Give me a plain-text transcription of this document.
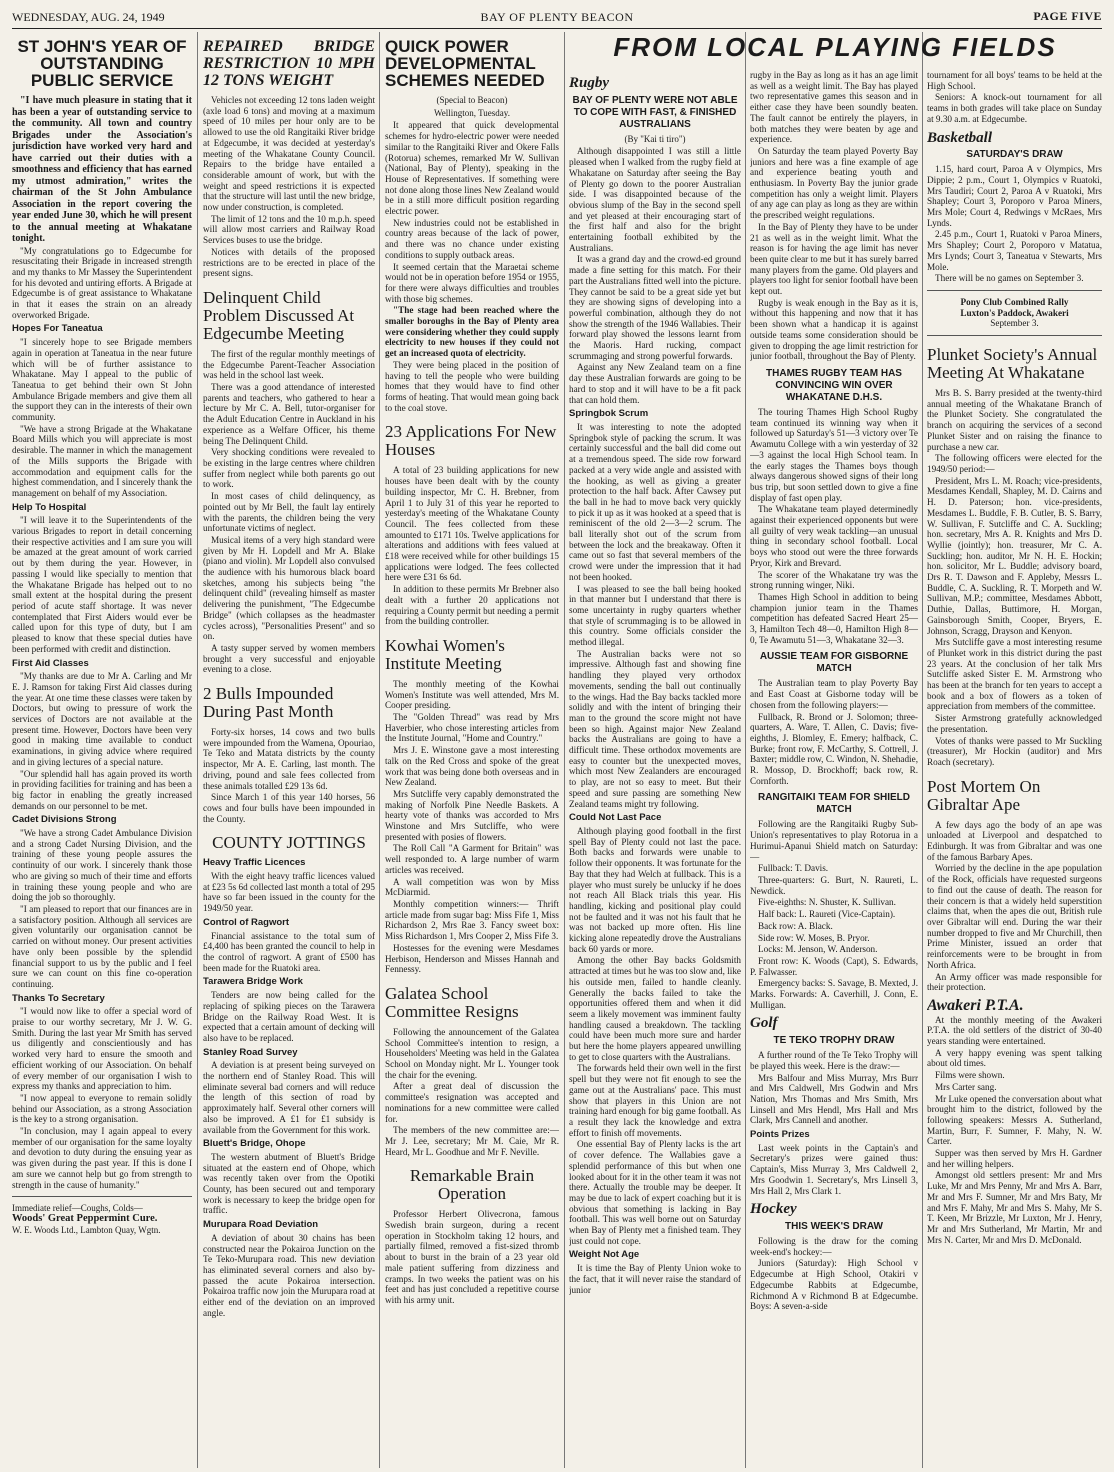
WEDNESDAY, AUG. 24, 1949	BAY OF PLENTY BEACON	PAGE FIVE
FROM LOCAL PLAYING FIELDS
ST JOHN'S YEAR OF OUTSTANDING PUBLIC SERVICE

"I have much pleasure in stating that it has been a year of outstanding service to the community. All town and country Brigades under the Association's jurisdiction have worked very hard and have carried out their duties with a smoothness and efficiency that has earned my utmost admiration," writes the chairman of the St John Ambulance Association in the report covering the year ended June 30, which he will present to the annual meeting at Whakatane tonight.

"My congratulations go to Edgecumbe for resuscitating their Brigade in increased strength and my thanks to Mr Massey the Superintendent for his devoted and untiring efforts. A Brigade at Edgecumbe is of great assistance to Whakatane in that it eases the strain on an already overworked Brigade.

Hopes For Taneatua

"I sincerely hope to see Brigade members again in operation at Taneatua in the near future which will be of further assistance to Whakatane. May I appeal to the public of Taneatua to get behind their own St John Ambulance Brigade members and give them all the support they can in the interests of their own community.

"We have a strong Brigade at the Whakatane Board Mills which you will appreciate is most desirable. The manner in which the management of the Mills supports the Brigade with accommodation and equipment calls for the highest commendation, and I sincerely thank the management on behalf of my Association.

Help To Hospital

"I will leave it to the Superintendents of the various Brigades to report in detail concerning their respective activities and I am sure you will be amazed at the great amount of work carried out by them during the year. However, in passing I would like specially to mention that the Whakatane Brigade has helped out to no small extent at the hospital during the present period of acute staff shortage. It was never contemplated that First Aiders would ever be called upon for this type of duty, but I am pleased to know that these special duties have been performed with credit and distinction.

First Aid Classes

"My thanks are due to Mr A. Carling and Mr E. J. Ramson for taking First Aid classes during the year. At one time these classes were taken by Doctors, but owing to pressure of work the services of Doctors are not available at the present time. However, Doctors have been very good in making time available to conduct examinations, in giving advice where required and in giving lectures of a special nature.

"Our splendid hall has again proved its worth in providing facilities for training and has been a big factor in enabling the greatly increased demands on our personnel to be met.

Cadet Divisions Strong

"We have a strong Cadet Ambulance Division and a strong Cadet Nursing Division, and the training of these young people assures the continuity of our work. I sincerely thank those who are giving so much of their time and efforts in training these young people and who are doing the job so thoroughly.

"I am pleased to report that our finances are in a satisfactory position. Although all services are given voluntarily our organisation cannot be carried on without money. Our present activities have only been possible by the splendid financial support to us by the public and I feel sure we can count on this fine co-operation continuing.

Thanks To Secretary

"I would now like to offer a special word of praise to our worthy secretary, Mr J. W. G. Smith. During the last year Mr Smith has served us diligently and conscientiously and has worked very hard to ensure the smooth and efficient working of our Association. On behalf of every member of our organisation I wish to express my thanks and appreciation to him.

"I now appeal to everyone to remain solidly behind our Association, as a strong Association is the key to a strong organisation.

"In conclusion, may I again appeal to every member of our organisation for the same loyalty and devotion to duty during the ensuing year as was given during the past year. If this is done I am sure we cannot help but go from strength to strength in the cause of humanity."

Immediate relief—Coughs, Colds—
Woods' Great Peppermint Cure.
W. E. Woods Ltd., Lambton Quay, Wgtn.
REPAIRED BRIDGE RESTRICTION 10 MPH 12 TONS WEIGHT

Vehicles not exceeding 12 tons laden weight (axle load 6 tons) and moving at a maximum speed of 10 miles per hour only are to be allowed to use the old Rangitaiki River bridge at Edgecumbe, it was decided at yesterday's meeting of the Whakatane County Council. Repairs to the bridge have entailed a considerable amount of work, but with the weight and speed restrictions it is expected that the structure will last until the new bridge, now under construction, is completed.

The limit of 12 tons and the 10 m.p.h. speed will allow most carriers and Railway Road Services buses to use the bridge.

Notices with details of the proposed restrictions are to be erected in place of the present signs.

Delinquent Child Problem Discussed At Edgecumbe Meeting

The first of the regular monthly meetings of the Edgecumbe Parent-Teacher Association was held in the school last week.

There was a good attendance of interested parents and teachers, who gathered to hear a lecture by Mr C. A. Bell, tutor-organiser for the Adult Education Centre in Auckland in his experience as a Welfare Officer, his theme being The Delinquent Child.

Very shocking conditions were revealed to be existing in the large centres where children suffer from neglect while both parents go out to work.

In most cases of child delinquency, as pointed out by Mr Bell, the fault lay entirely with the parents, the children being the very unfortunate victims of neglect.

Musical items of a very high standard were given by Mr H. Lopdell and Mr A. Blake (piano and violin). Mr Lopdell also convulsed the audience with his humorous black board sketches, among his subjects being "the delinquent child" (revealing himself as master delivering the punishment, "The Edgecumbe Bridge" (which collapses as the headmaster cycles across), "Personalities Present" and so on.

A tasty supper served by women members brought a very successful and enjoyable evening to a close.

2 Bulls Impounded During Past Month

Forty-six horses, 14 cows and two bulls were impounded from the Wamena, Opouriao, Te Teko and Matata districts by the county inspector, Mr A. E. Carling, last month. The driving, pound and sale fees collected from these animals totalled £29 13s 6d.

Since March 1 of this year 140 horses, 56 cows and four bulls have been impounded in the County.

COUNTY JOTTINGS
Heavy Traffic Licences

With the eight heavy traffic licences valued at £23 5s 6d collected last month a total of 295 have so far been issued in the county for the 1949/50 year.

Control of Ragwort

Financial assistance to the total sum of £4,400 has been granted the council to help in the control of ragwort. A grant of £500 has been made for the Ruatoki area.

Tarawera Bridge Work

Tenders are now being called for the replacing of spiking pieces on the Tarawera Bridge on the Railway Road West. It is expected that a certain amount of decking will also have to be replaced.

Stanley Road Survey

A deviation is at present being surveyed on the northern end of Stanley Road. This will eliminate several bad corners and will reduce the length of this section of road by approximately half. Several other corners will also be improved. A £1 for £1 subsidy is available from the Government for this work.

Bluett's Bridge, Ohope

The western abutment of Bluett's Bridge situated at the eastern end of Ohope, which was recently taken over from the Opotiki County, has been secured out and temporary work is necessary to keep the bridge open for traffic.

Murupara Road Deviation

A deviation of about 30 chains has been constructed near the Pokairoa Junction on the Te Teko-Murupara road. This new deviation has eliminated several corners and also by-passed the acute Pokairoa intersection. Pokairoa traffic now join the Murupara road at either end of the deviation on an improved angle.

QUICK POWER DEVELOPMENTAL SCHEMES NEEDED
(Special to Beacon)
Wellington, Tuesday.

It appeared that quick developmental schemes for hydro-electric power were needed similar to the Rangitaiki River and Okere Falls (Rotorua) schemes, remarked Mr W. Sullivan (National, Bay of Plenty), speaking in the House of Representatives. If something were not done along those lines New Zealand would be in a still more difficult position regarding electric power.

New industries could not be established in country areas because of the lack of power, and there was no chance under existing conditions to supply outback areas.

It seemed certain that the Maraetai scheme would not be in operation before 1954 or 1955, for there were always difficulties and troubles with those big schemes.

"The stage had been reached where the smaller boroughs in the Bay of Plenty area were considering whether they could supply electricity to new houses if they could not get an increased quota of electricity.

They were being placed in the position of having to tell the people who were building homes that they would have to find other forms of heating. That would mean going back to the coal stove.

23 Applications For New Houses

A total of 23 building applications for new houses have been dealt with by the county building inspector, Mr C. H. Brebner, from April 1 to July 31 of this year he reported to yesterday's meeting of the Whakatane County Council. The fees collected from these amounted to £171 10s. Twelve applications for alterations and additions with fees valued at £18 were received while for other buildings 15 applications were lodged. The fees collected here were £31 6s 6d.

In addition to these permits Mr Brebner also dealt with a further 20 applications not requiring a County permit but needing a permit from the building controller.

Kowhai Women's Institute Meeting

The monthly meeting of the Kowhai Women's Institute was well attended, Mrs M. Cooper presiding.

The "Golden Thread" was read by Mrs Haverbier, who chose interesting articles from the Institute Journal, "Home and Country."

Mrs J. E. Winstone gave a most interesting talk on the Red Cross and spoke of the great work that was being done both overseas and in New Zealand.

Mrs Sutcliffe very capably demonstrated the making of Norfolk Pine Needle Baskets. A hearty vote of thanks was accorded to Mrs Winstone and Mrs Sutcliffe, who were presented with posies of flowers.

The Roll Call "A Garment for Britain" was well responded to. A large number of warm articles was received.

A wall competition was won by Miss McDiarmid.

Monthly competition winners:— Thrift article made from sugar bag: Miss Fife 1, Miss Richardson 2, Mrs Rae 3. Fancy sweet box: Miss Richardson 1, Mrs Cooper 2, Miss Fife 3.

Hostesses for the evening were Mesdames Herbison, Henderson and Misses Hannah and Fennessy.

Galatea School Committee Resigns

Following the announcement of the Galatea School Committee's intention to resign, a Householders' Meeting was held in the Galatea School on Monday night. Mr L. Younger took the chair for the evening.

After a great deal of discussion the committee's resignation was accepted and nominations for a new committee were called for.

The members of the new committee are:—Mr J. Lee, secretary; Mr M. Caie, Mr R. Heard, Mr L. Goodhue and Mr F. Neville.

Remarkable Brain Operation

Professor Herbert Olivecrona, famous Swedish brain surgeon, during a recent operation in Stockholm taking 12 hours, and partially filmed, removed a fist-sized thromb about to burst in the brain of a 23 year old male patient suffering from dizziness and cramps. In two weeks the patient was on his feet and has just concluded a repetitive course with his army unit.

Rugby
BAY OF PLENTY WERE NOT ABLE TO COPE WITH FAST, & FINISHED AUSTRALIANS
(By "Kai ti tiro")

Although disappointed I was still a little pleased when I walked from the rugby field at Whakatane on Saturday after seeing the Bay of Plenty go down to the poorer Australian side. I was disappointed because of the obvious slump of the Bay in the second spell and yet pleased at their encouraging start of the first half and also for the bright entertaining football exhibited by the Australians.

It was a grand day and the crowd-ed ground made a fine setting for this match. For their part the Australians fitted well into the picture. They cannot be said to be a great side yet but they are showing signs of developing into a powerful combination, although they do not show the strength of the 1946 Wallabies. Their forward play showed the lessons learnt from the Maoris. Hard rucking, compact scrummaging and strong powerful forwards.

Against any New Zealand team on a fine day these Australian forwards are going to be hard to stop and it will have to be a fit pack that can hold them.

Springbok Scrum

It was interesting to note the adopted Springbok style of packing the scrum. It was certainly successful and the ball did come out at a tremendous speed. The side row forward packed at a very wide angle and assisted with the hooking, as well as giving a greater protection to the half back. After Cawsey put the ball in he had to move back very quickly to pick it up as it was hooked at a speed that is reminiscent of the old 2—3—2 scrum. The ball literally shot out of the scrum from between the lock and the breakaway. Often it came out so fast that several members of the crowd were under the impression that it had not been hooked.

I was pleased to see the ball being hooked in that manner but I understand that there is some uncertainty in rugby quarters whether that style of scrummaging is to be allowed in this country. Some officials consider the method illegal.

The Australian backs were not so impressive. Although fast and showing fine handling they played very orthodox movements, sending the ball out continually to the wings. Had the Bay backs tackled more solidly and with the intent of bringing their man to the ground the score might not have been so high. Against major New Zealand backs the Australians are going to have a difficult time. These orthodox movements are easy to counter but the unexpected moves, which most New Zealanders are encouraged to play, are not so easy to meet. But their speed and sure passing are something New Zealand teams might try following.

Could Not Last Pace

Although playing good football in the first spell Bay of Plenty could not last the pace. Both backs and forwards were unable to follow their opponents. It was fortunate for the Bay that they had Welch at fullback. This is a player who must surely be unlucky if he does not reach All Black trials this year. His handling, kicking and positional play could not be faulted and it was not his fault that he was not backed up more often. His line kicking alone repeatedly drove the Australians back 60 yards or more.

Among the other Bay backs Goldsmith attracted at times but he was too slow and, like his outside men, failed to handle cleanly. Generally the backs failed to take the opportunities offered them and when it did seem a likely movement was imminent faulty handling caused a breakdown. The tackling could have been much more sure and harder but here the home players appeared unwilling to get to close quarters with the Australians.

The forwards held their own well in the first spell but they were not fit enough to see the game out at the Australians' pace. This must show that players in this Union are not training hard enough for big game football. As a result they lack the knowledge and extra effort to finish off movements.

One essential Bay of Plenty lacks is the art of cover defence. The Wallabies gave a splendid performance of this but when one looked about for it in the other team it was not there. Actually the trouble may be deeper. It may be due to lack of expert coaching but it is obvious that something is lacking in Bay football. This was well borne out on Saturday when Bay of Plenty met a finished team. They just could not cope.

Weight Not Age

It is time the Bay of Plenty Union woke to the fact, that it will never raise the standard of junior

rugby in the Bay as long as it has an age limit as well as a weight limit. The Bay has played two representative games this season and in either case they have been soundly beaten. The fault cannot be entirely the players, in both matches they were beaten by age and experience.

On Saturday the team played Poverty Bay juniors and here was a fine example of age and experience beating youth and enthusiasm. In Poverty Bay the junior grade competition has only a weight limit. Players of any age can play as long as they are within the prescribed weight regulations.

In the Bay of Plenty they have to be under 21 as well as in the weight limit. What the reason is for having the age limit has never been quite clear to me but it has surely barred many players from the game. Old players and players too light for senior football have been kept out.

Rugby is weak enough in the Bay as it is, without this happening and now that it has been shown what a handicap it is against outside teams some consideration should be given to dropping the age limit restriction for junior football, throughout the Bay of Plenty.

THAMES RUGBY TEAM HAS CONVINCING WIN OVER WHAKATANE D.H.S.

The touring Thames High School Rugby team continued its winning way when it followed up Saturday's 51—3 victory over Te Awamutu College with a win yesterday of 32—3 against the local High School team. In the early stages the Thames boys though always dangerous showed signs of their long bus trip, but soon settled down to give a fine display of fast open play.

The Whakatane team played determinedly against their experienced opponents but were all guilty of very weak tackling—an unusual thing in secondary school football. Local boys who stood out were the three forwards Pryor, Kirk and Brevard.

The scorer of the Whakatane try was the strong running winger, Niki.

Thames High School in addition to being champion junior team in the Thames competition has defeated Sacred Heart 25—3, Hamilton Tech 48—0, Hamilton High 8—0, Te Awamutu 51—3, Whakatane 32—3.

AUSSIE TEAM FOR GISBORNE MATCH

The Australian team to play Poverty Bay and East Coast at Gisborne today will be chosen from the following players:—

Fullback, R. Brond or J. Solomon; three-quarters, A. Ware, T. Allen, C. Davis; five-eighths, J. Blomley, E. Emery; halfback, C. Burke; front row, F. McCarthy, S. Cottrell, J. Baxter; middle row, C. Windon, N. Shehadie, R. Mossop, D. Brockhoff; back row, R. Cornforth.

RANGITAIKI TEAM FOR SHIELD MATCH

Following are the Rangitaiki Rugby Sub-Union's representatives to play Rotorua in a Hurimui-Apanui Shield match on Saturday:—

Fullback: T. Davis.

Three-quarters: G. Burt, N. Raureti, L. Newdick.

Five-eighths: N. Shuster, K. Sullivan.

Half back: L. Raureti (Vice-Captain).

Back row: A. Black.

Side row: W. Moses, B. Pryor.

Locks: M. Jenson, W. Anderson.

Front row: K. Woods (Capt), S. Edwards, P. Falwasser.

Emergency backs: S. Savage, B. Mexted, J. Marks. Forwards: A. Caverhill, J. Conn, E. Mulligan.

Golf
TE TEKO TROPHY DRAW

A further round of the Te Teko Trophy will be played this week. Here is the draw:—

Mrs Balfour and Miss Murray, Mrs Burr and Mrs Caldwell, Mrs Godwin and Mrs Nation, Mrs Thomas and Mrs Smith, Mrs Linsell and Mrs Hendl, Mrs Hall and Mrs Clark, Mrs Cannell and another.

Points Prizes

Last week points in the Captain's and Secretary's prizes were gained thus: Captain's, Miss Murray 3, Mrs Caldwell 2, Mrs Goodwin 1. Secretary's, Mrs Linsell 3, Mrs Hall 2, Mrs Clark 1.

Hockey
THIS WEEK'S DRAW

Following is the draw for the coming week-end's hockey:—

Juniors (Saturday): High School v Edgecumbe at High School, Otakiri v Edgecumbe Rabbits at Edgecumbe, Richmond A v Richmond B at Edgecumbe. Boys: A seven-a-side

tournament for all boys' teams to be held at the High School.

Seniors: A knock-out tournament for all teams in both grades will take place on Sunday at 9.30 a.m. at Edgecumbe.

Basketball
SATURDAY'S DRAW

1.15, hard court, Paroa A v Olympics, Mrs Dippie; 2 p.m., Court 1, Olympics v Ruatoki, Mrs Taudiri; Court 2, Paroa A v Ruatoki, Mrs Shapley; Court 3, Poroporo v Paroa Miners, Mrs Mole; Court 4, Redwings v McRaes, Mrs Lynds.

2.45 p.m., Court 1, Ruatoki v Paroa Miners, Mrs Shapley; Court 2, Poroporo v Matatua, Mrs Lynds; Court 3, Taneatua v Stewarts, Mrs Mole.

There will be no games on September 3.

Pony Club Combined Rally
Luxton's Paddock, Awakeri
September 3.
Plunket Society's Annual Meeting At Whakatane

Mrs B. S. Barry presided at the twenty-third annual meeting of the Whakatane Branch of the Plunket Society. She congratulated the branch on acquiring the services of a second Plunket Sister and on raising the finance to purchase a new car.

The following officers were elected for the 1949/50 period:—

President, Mrs L. M. Roach; vice-presidents, Mesdames Kendall, Shapley, M. D. Cairns and H. D. Paterson; hon. vice-presidents, Mesdames L. Buddle, F. B. Cutler, B. S. Barry, W. Sullivan, F. Sutcliffe and C. A. Suckling; hon. secretary, Mrs A. R. Knights and Mrs D. Wyllie (jointly); hon. treasurer, Mr C. A. Suckling; hon. auditor, Mr N. H. E. Hockin; hon. solicitor, Mr L. Buddle; advisory board, Drs R. T. Dawson and F. Appleby, Messrs L. Buddle, C. A. Suckling, R. T. Morpeth and W. Sullivan, M.P.; committee, Mesdames Abbott, Duthie, Dallas, Buttimore, H. Morgan, Gainsborough Smith, Cooper, Bryers, E. Johnson, Scragg, Drayson and Kenyon.

Mrs Sutcliffe gave a most interesting resume of Plunket work in this district during the past 23 years. At the conclusion of her talk Mrs Sutcliffe asked Sister E. M. Armstrong who has been at the branch for ten years to accept a book and a box of flowers as a token of appreciation from members of the committee.

Sister Armstrong gratefully acknowledged the presentation.

Votes of thanks were passed to Mr Suckling (treasurer), Mr Hockin (auditor) and Mrs Roach (secretary).

Post Mortem On Gibraltar Ape

A few days ago the body of an ape was unloaded at Liverpool and despatched to Edinburgh. It was from Gibraltar and was one of the famous Barbary Apes.

Worried by the decline in the ape population of the Rock, officials have requested surgeons to find out the cause of death. The reason for their concern is that a widely held superstition claims that, when the apes die out, British rule over Gibraltar will end. During the war their number dropped to five and Mr Churchill, then Prime Minister, issued an order that reinforcements were to be brought in from North Africa.

An Army officer was made responsible for their protection.

Awakeri P.T.A.

At the monthly meeting of the Awakeri P.T.A. the old settlers of the district of 30-40 years standing were entertained.

A very happy evening was spent talking about old times.

Films were shown.

Mrs Carter sang.

Mr Luke opened the conversation about what brought him to the district, followed by the following speakers: Messrs A. Sutherland, Martin, Burr, F. Sumner, F. Mahy, N. W. Carter.

Supper was then served by Mrs H. Gardner and her willing helpers.

Amongst old settlers present: Mr and Mrs Luke, Mr and Mrs Penny, Mr and Mrs A. Barr, Mr and Mrs F. Sumner, Mr and Mrs Baty, Mr and Mrs F. Mahy, Mr and Mrs S. Mahy, Mr S. T. Keen, Mr Brizzle, Mr Luxton, Mr J. Henry, Mr and Mrs Sutherland, Mr Martin, Mr and Mrs N. Carter, Mr and Mrs D. McDonald.
